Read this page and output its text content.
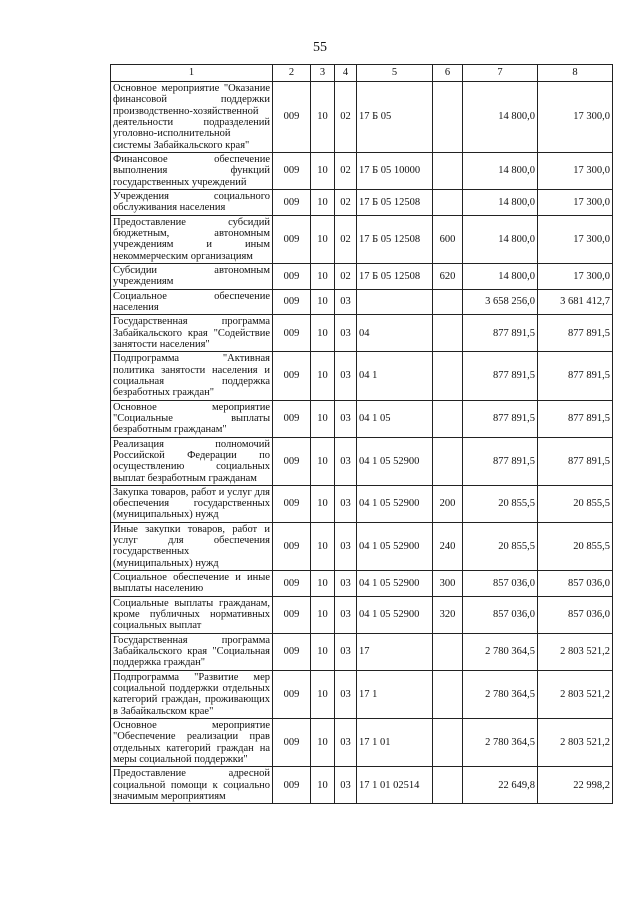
55
1	2	3	4	5	6	7	8
Основное мероприятие "Оказание финансовой поддержки производственно-хозяйственной деятельности подразделений уголовно-исполнительной системы Забайкальского края"	009	10	02	17 Б 05		14 800,0	17 300,0
Финансовое обеспечение выполнения функций государственных учреждений	009	10	02	17 Б 05 10000		14 800,0	17 300,0
Учреждения социального обслуживания населения	009	10	02	17 Б 05 12508		14 800,0	17 300,0
Предоставление субсидий бюджетным, автономным учреждениям и иным некоммерческим организациям	009	10	02	17 Б 05 12508	600	14 800,0	17 300,0
Субсидии автономным учреждениям	009	10	02	17 Б 05 12508	620	14 800,0	17 300,0
Социальное обеспечение населения	009	10	03			3 658 256,0	3 681 412,7
Государственная программа Забайкальского края "Содействие занятости населения"	009	10	03	04		877 891,5	877 891,5
Подпрограмма "Активная политика занятости населения и социальная поддержка безработных граждан"	009	10	03	04 1		877 891,5	877 891,5
Основное мероприятие "Социальные выплаты безработным гражданам"	009	10	03	04 1 05		877 891,5	877 891,5
Реализация полномочий Российской Федерации по осуществлению социальных выплат безработным гражданам	009	10	03	04 1 05 52900		877 891,5	877 891,5
Закупка товаров, работ и услуг для обеспечения государственных (муниципальных) нужд	009	10	03	04 1 05 52900	200	20 855,5	20 855,5
Иные закупки товаров, работ и услуг для обеспечения государственных (муниципальных) нужд	009	10	03	04 1 05 52900	240	20 855,5	20 855,5
Социальное обеспечение и иные выплаты населению	009	10	03	04 1 05 52900	300	857 036,0	857 036,0
Социальные выплаты гражданам, кроме публичных нормативных социальных выплат	009	10	03	04 1 05 52900	320	857 036,0	857 036,0
Государственная программа Забайкальского края "Социальная поддержка граждан"	009	10	03	17		2 780 364,5	2 803 521,2
Подпрограмма "Развитие мер социальной поддержки отдельных категорий граждан, проживающих в Забайкальском крае"	009	10	03	17 1		2 780 364,5	2 803 521,2
Основное мероприятие "Обеспечение реализации прав отдельных категорий граждан на меры социальной поддержки"	009	10	03	17 1 01		2 780 364,5	2 803 521,2
Предоставление адресной социальной помощи к социально значимым мероприятиям	009	10	03	17 1 01 02514		22 649,8	22 998,2
